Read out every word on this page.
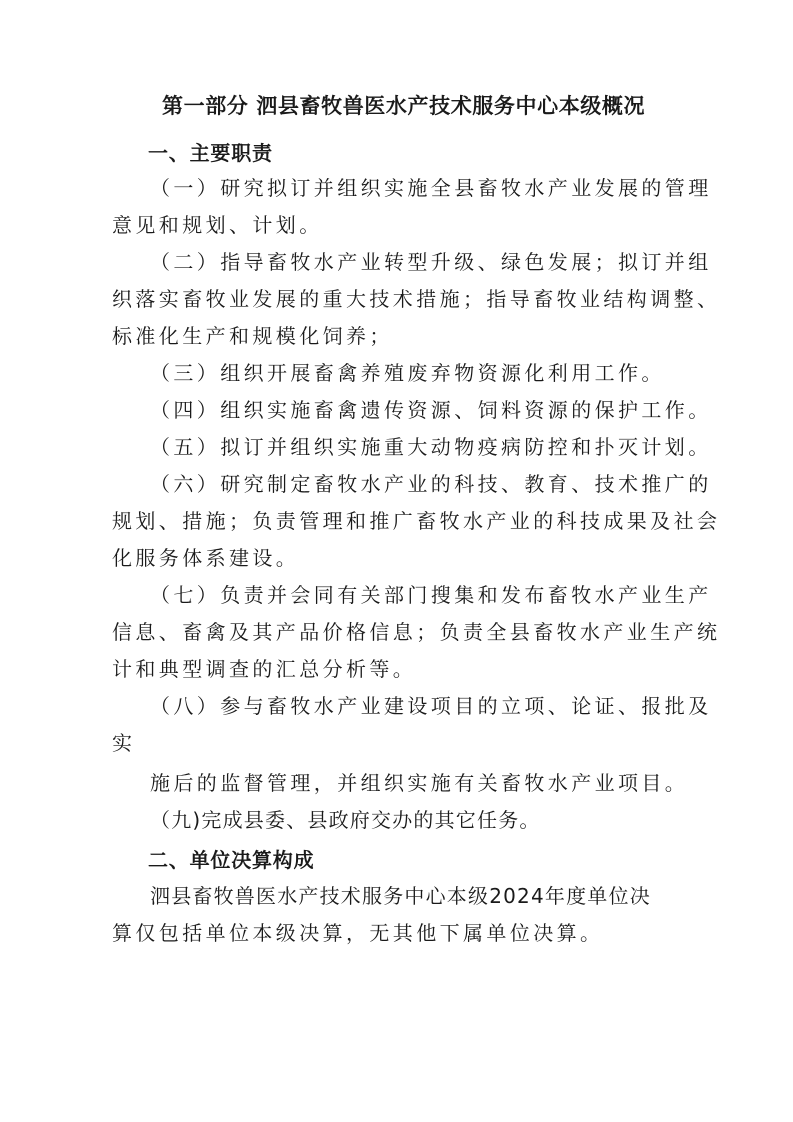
第一部分 泗县畜牧兽医水产技术服务中心本级概况
一、主要职责
（一）研究拟订并组织实施全县畜牧水产业发展的管理
意见和规划、计划。
（二）指导畜牧水产业转型升级、绿色发展；拟订并组
织落实畜牧业发展的重大技术措施；指导畜牧业结构调整、
标准化生产和规模化饲养；
（三）组织开展畜禽养殖废弃物资源化利用工作。
（四）组织实施畜禽遗传资源、饲料资源的保护工作。
（五）拟订并组织实施重大动物疫病防控和扑灭计划。
（六）研究制定畜牧水产业的科技、教育、技术推广的
规划、措施；负责管理和推广畜牧水产业的科技成果及社会
化服务体系建设。
（七）负责并会同有关部门搜集和发布畜牧水产业生产
信息、畜禽及其产品价格信息；负责全县畜牧水产业生产统
计和典型调查的汇总分析等。
（八）参与畜牧水产业建设项目的立项、论证、报批及
实
施后的监督管理，并组织实施有关畜牧水产业项目。
（九)完成县委、县政府交办的其它任务。
二、单位决算构成
泗县畜牧兽医水产技术服务中心本级2024年度单位决
算仅包括单位本级决算，无其他下属单位决算。
